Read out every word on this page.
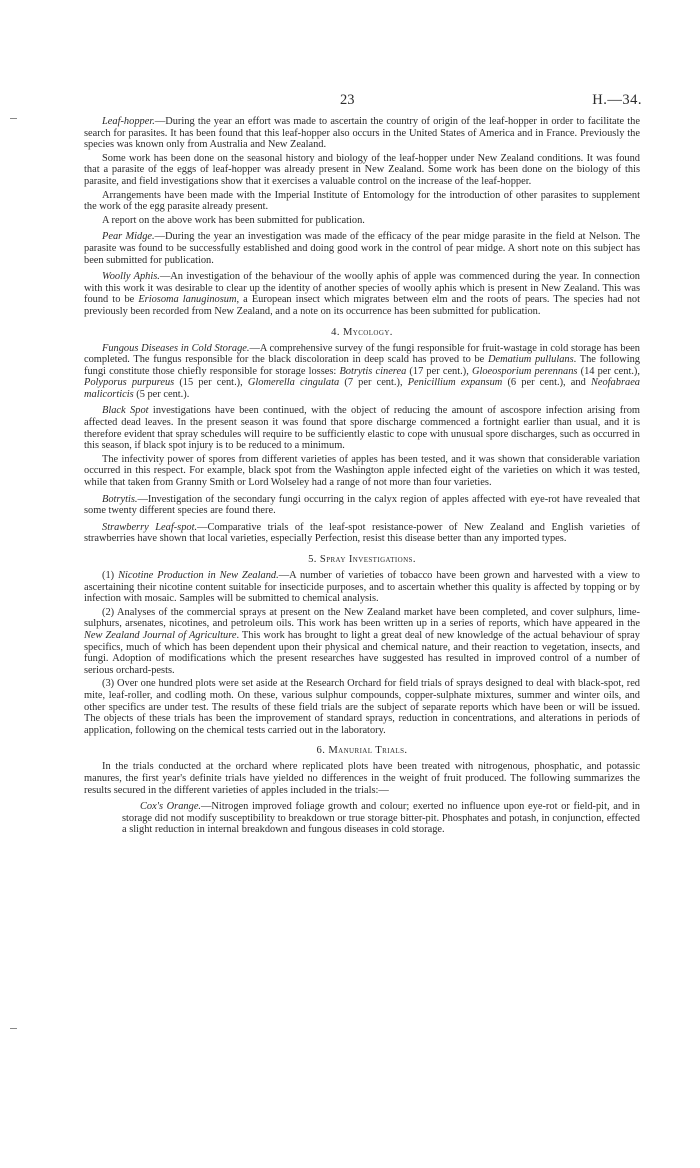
23	H.—34.

Leaf-hopper.—During the year an effort was made to ascertain the country of origin of the leaf-hopper in order to facilitate the search for parasites. It has been found that this leaf-hopper also occurs in the United States of America and in France. Previously the species was known only from Australia and New Zealand.

Some work has been done on the seasonal history and biology of the leaf-hopper under New Zealand conditions. It was found that a parasite of the eggs of leaf-hopper was already present in New Zealand. Some work has been done on the biology of this parasite, and field investigations show that it exercises a valuable control on the increase of the leaf-hopper.

Arrangements have been made with the Imperial Institute of Entomology for the introduction of other parasites to supplement the work of the egg parasite already present.

A report on the above work has been submitted for publication.

Pear Midge.—During the year an investigation was made of the efficacy of the pear midge parasite in the field at Nelson. The parasite was found to be successfully established and doing good work in the control of pear midge. A short note on this subject has been submitted for publication.

Woolly Aphis.—An investigation of the behaviour of the woolly aphis of apple was commenced during the year. In connection with this work it was desirable to clear up the identity of another species of woolly aphis which is present in New Zealand. This was found to be Eriosoma lanuginosum, a European insect which migrates between elm and the roots of pears. The species had not previously been recorded from New Zealand, and a note on its occurrence has been submitted for publication.

4. Mycology.

Fungous Diseases in Cold Storage.—A comprehensive survey of the fungi responsible for fruit-wastage in cold storage has been completed. The fungus responsible for the black discoloration in deep scald has proved to be Dematium pullulans. The following fungi constitute those chiefly responsible for storage losses: Botrytis cinerea (17 per cent.), Gloeosporium perennans (14 per cent.), Polyporus purpureus (15 per cent.), Glomerella cingulata (7 per cent.), Penicillium expansum (6 per cent.), and Neofabraea malicorticis (5 per cent.).

Black Spot investigations have been continued, with the object of reducing the amount of ascospore infection arising from affected dead leaves. In the present season it was found that spore discharge commenced a fortnight earlier than usual, and it is therefore evident that spray schedules will require to be sufficiently elastic to cope with unusual spore discharges, such as occurred in this season, if black spot injury is to be reduced to a minimum.

The infectivity power of spores from different varieties of apples has been tested, and it was shown that considerable variation occurred in this respect. For example, black spot from the Washington apple infected eight of the varieties on which it was tested, while that taken from Granny Smith or Lord Wolseley had a range of not more than four varieties.

Botrytis.—Investigation of the secondary fungi occurring in the calyx region of apples affected with eye-rot have revealed that some twenty different species are found there.

Strawberry Leaf-spot.—Comparative trials of the leaf-spot resistance-power of New Zealand and English varieties of strawberries have shown that local varieties, especially Perfection, resist this disease better than any imported types.

5. Spray Investigations.

(1) Nicotine Production in New Zealand.—A number of varieties of tobacco have been grown and harvested with a view to ascertaining their nicotine content suitable for insecticide purposes, and to ascertain whether this quality is affected by topping or by infection with mosaic. Samples will be submitted to chemical analysis.

(2) Analyses of the commercial sprays at present on the New Zealand market have been completed, and cover sulphurs, lime-sulphurs, arsenates, nicotines, and petroleum oils. This work has been written up in a series of reports, which have appeared in the New Zealand Journal of Agriculture. This work has brought to light a great deal of new knowledge of the actual behaviour of spray specifics, much of which has been dependent upon their physical and chemical nature, and their reaction to vegetation, insects, and fungi. Adoption of modifications which the present researches have suggested has resulted in improved control of a number of serious orchard-pests.

(3) Over one hundred plots were set aside at the Research Orchard for field trials of sprays designed to deal with black-spot, red mite, leaf-roller, and codling moth. On these, various sulphur compounds, copper-sulphate mixtures, summer and winter oils, and other specifics are under test. The results of these field trials are the subject of separate reports which have been or will be issued. The objects of these trials has been the improvement of standard sprays, reduction in concentrations, and alterations in periods of application, following on the chemical tests carried out in the laboratory.

6. Manurial Trials.

In the trials conducted at the orchard where replicated plots have been treated with nitrogenous, phosphatic, and potassic manures, the first year's definite trials have yielded no differences in the weight of fruit produced. The following summarizes the results secured in the different varieties of apples included in the trials:—

Cox's Orange.—Nitrogen improved foliage growth and colour; exerted no influence upon eye-rot or field-pit, and in storage did not modify susceptibility to breakdown or true storage bitter-pit. Phosphates and potash, in conjunction, effected a slight reduction in internal breakdown and fungous diseases in cold storage.
